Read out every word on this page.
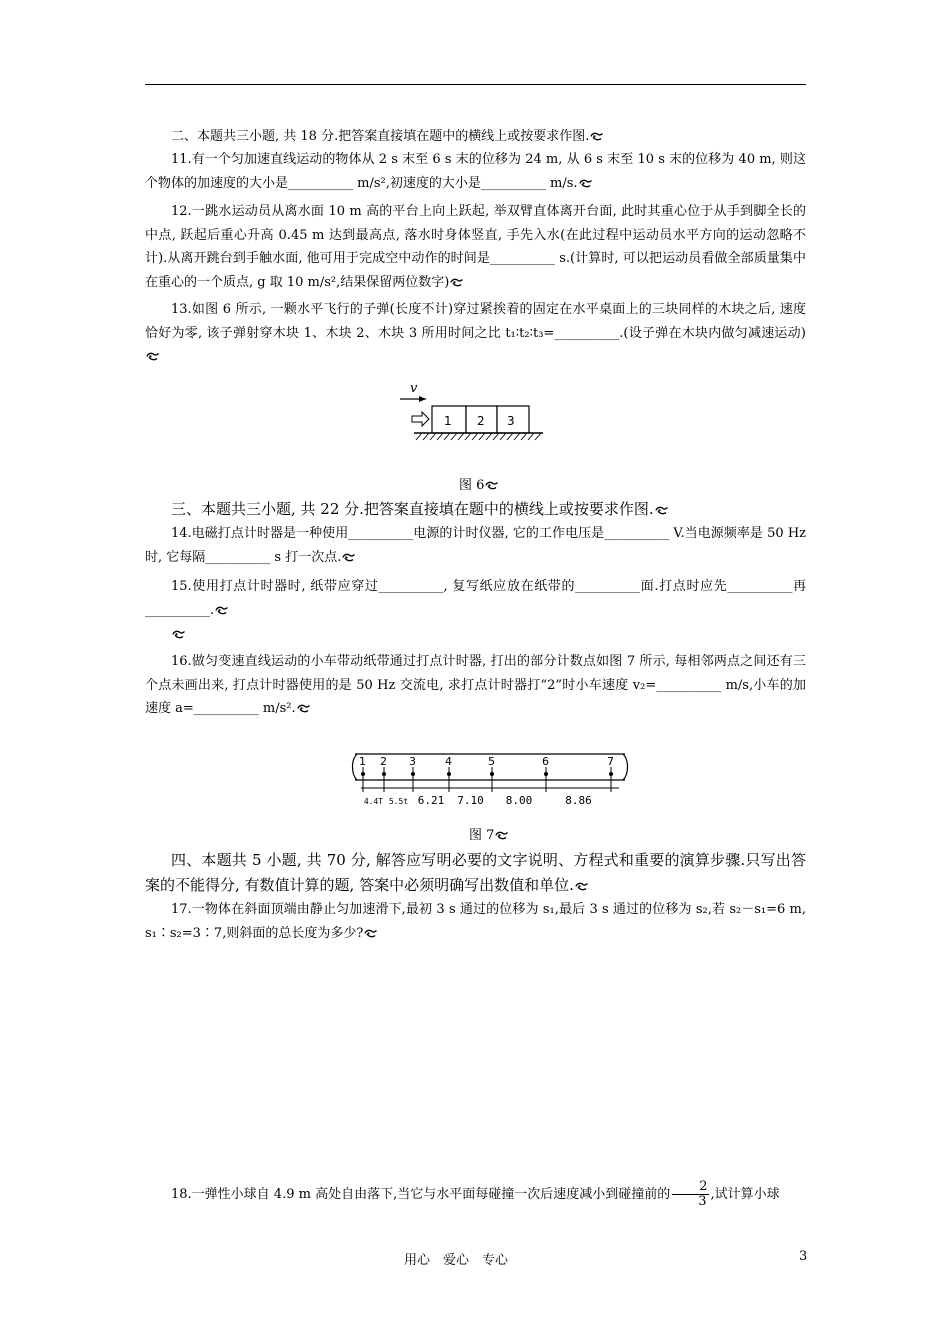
二、本题共三小题, 共 18 分.把答案直接填在题中的横线上或按要求作图.
11.有一个匀加速直线运动的物体从 2 s 末至 6 s 末的位移为 24 m, 从 6 s 末至 10 s 末的位移为 40 m, 则这个物体的加速度的大小是__________ m/s²,初速度的大小是__________ m/s.
12.一跳水运动员从离水面 10 m 高的平台上向上跃起, 举双臂直体离开台面, 此时其重心位于从手到脚全长的中点, 跃起后重心升高 0.45 m 达到最高点, 落水时身体竖直, 手先入水(在此过程中运动员水平方向的运动忽略不计).从离开跳台到手触水面, 他可用于完成空中动作的时间是__________ s.(计算时, 可以把运动员看做全部质量集中在重心的一个质点, g 取 10 m/s²,结果保留两位数字)
13.如图 6 所示, 一颗水平飞行的子弹(长度不计)穿过紧挨着的固定在水平桌面上的三块同样的木块之后, 速度恰好为零, 该子弹射穿木块 1、木块 2、木块 3 所用时间之比 t₁∶t₂∶t₃=__________.(设子弹在木块内做匀减速运动)
v
1 2 3
图 6
三、本题共三小题, 共 22 分.把答案直接填在题中的横线上或按要求作图.
14.电磁打点计时器是一种使用__________电源的计时仪器, 它的工作电压是__________ V.当电源频率是 50 Hz 时, 它每隔__________ s 打一次点.
15.使用打点计时器时, 纸带应穿过__________, 复写纸应放在纸带的__________面.打点时应先__________再__________.
16.做匀变速直线运动的小车带动纸带通过打点计时器, 打出的部分计数点如图 7 所示, 每相邻两点之间还有三个点未画出来, 打点计时器使用的是 50 Hz 交流电, 求打点计时器打“2”时小车速度 v₂=__________ m/s,小车的加速度 a=__________ m/s².
1 2 3	4	5	6	7
4.4T 5.5t 6.21 7.10 8.00	8.86
图 7
四、本题共 5 小题, 共 70 分, 解答应写明必要的文字说明、方程式和重要的演算步骤.只写出答案的不能得分, 有数值计算的题, 答案中必须明确写出数值和单位.
17.一物体在斜面顶端由静止匀加速滑下,最初 3 s 通过的位移为 s₁,最后 3 s 通过的位移为 s₂,若 s₂－s₁=6 m, s₁∶s₂=3∶7,则斜面的总长度为多少?
18.一弹性小球自 4.9 m 高处自由落下,当它与水平面每碰撞一次后速度减小到碰撞前的 $\frac{2}{3}$ ,试计算小球
用心　爱心　专心	3
